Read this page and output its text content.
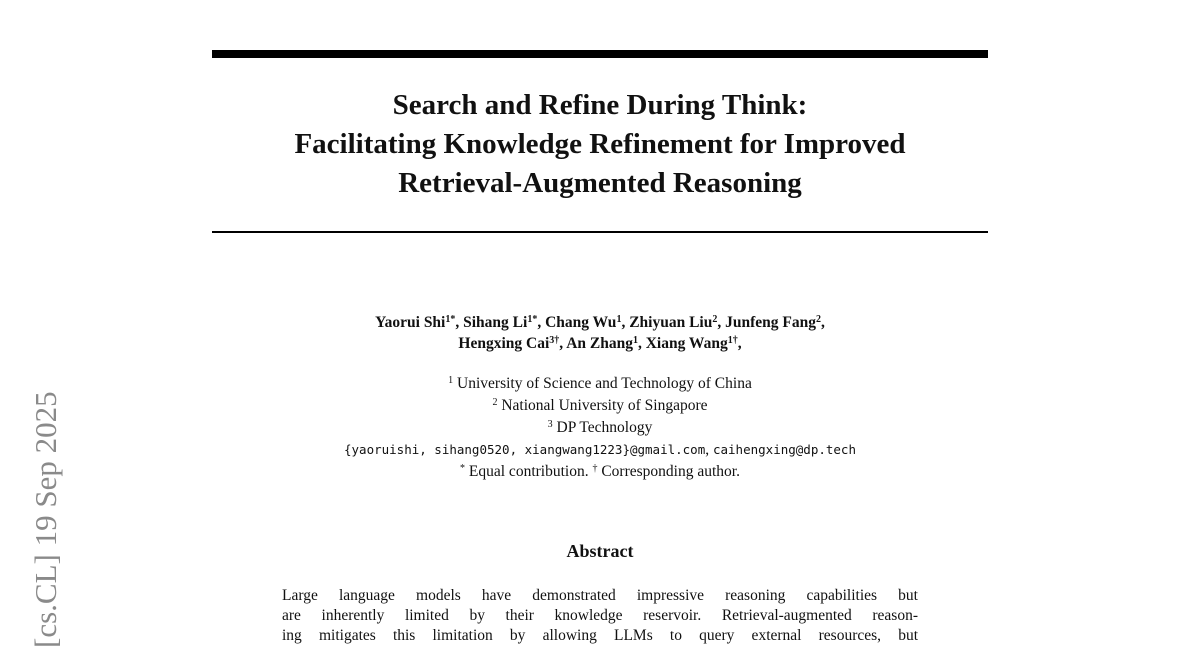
[cs.CL] 19 Sep 2025
Search and Refine During Think:
Facilitating Knowledge Refinement for Improved
Retrieval-Augmented Reasoning
Yaorui Shi$^{1*}$, Sihang $Li^{1*}$, Chang Wu$^1$, Zhiyuan Liu$^2$, Junfeng Fang$^2$,
Hengxing Cai$^{3\dagger}$, An Zhang$^1$, Xiang Wang$^{1\dagger}$,
$^1$ University of Science and Technology of China
$^2$ National University of Singapore
$^3$ DP Technology
{yaoruishi, sihang0520, xiangwang1223}@gmail.com, caihengxing@dp.tech
* Equal contribution. † Corresponding author.
Abstract
Large language models have demonstrated impressive reasoning capabilities but
are inherently limited by their knowledge reservoir. Retrieval-augmented reason-
ing mitigates this limitation by allowing LLMs to query external resources, but
